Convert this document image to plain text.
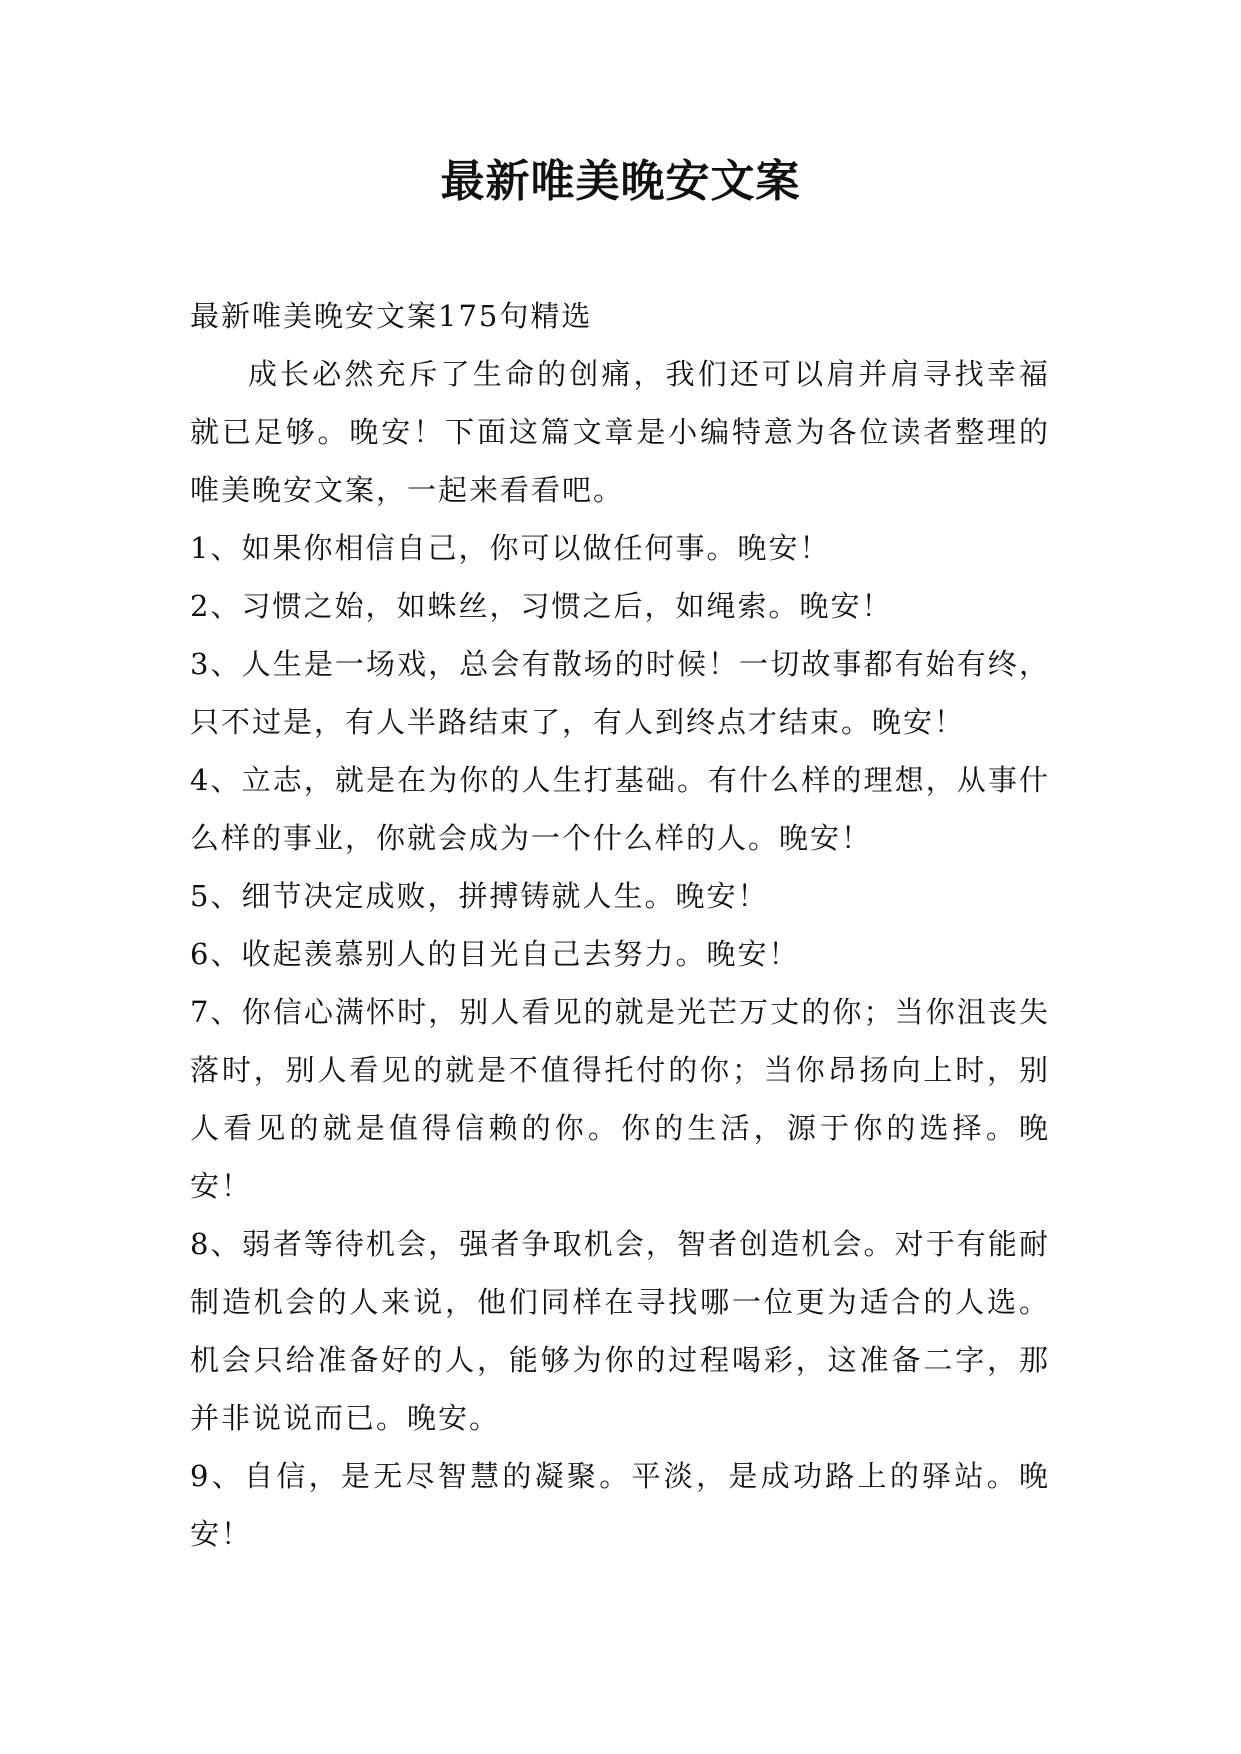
最新唯美晚安文案

最新唯美晚安文案175句精选

成长必然充斥了生命的创痛，我们还可以肩并肩寻找幸福就已足够。晚安！下面这篇文章是小编特意为各位读者整理的唯美晚安文案，一起来看看吧。

1、如果你相信自己，你可以做任何事。晚安！

2、习惯之始，如蛛丝，习惯之后，如绳索。晚安！

3、人生是一场戏，总会有散场的时候！一切故事都有始有终，只不过是，有人半路结束了，有人到终点才结束。晚安！

4、立志，就是在为你的人生打基础。有什么样的理想，从事什么样的事业，你就会成为一个什么样的人。晚安！

5、细节决定成败，拼搏铸就人生。晚安！

6、收起羡慕别人的目光自己去努力。晚安！

7、你信心满怀时，别人看见的就是光芒万丈的你；当你沮丧失落时，别人看见的就是不值得托付的你；当你昂扬向上时，别人看见的就是值得信赖的你。你的生活，源于你的选择。晚安！

8、弱者等待机会，强者争取机会，智者创造机会。对于有能耐制造机会的人来说，他们同样在寻找哪一位更为适合的人选。机会只给准备好的人，能够为你的过程喝彩，这准备二字，那并非说说而已。晚安。

9、自信，是无尽智慧的凝聚。平淡，是成功路上的驿站。晚安！
